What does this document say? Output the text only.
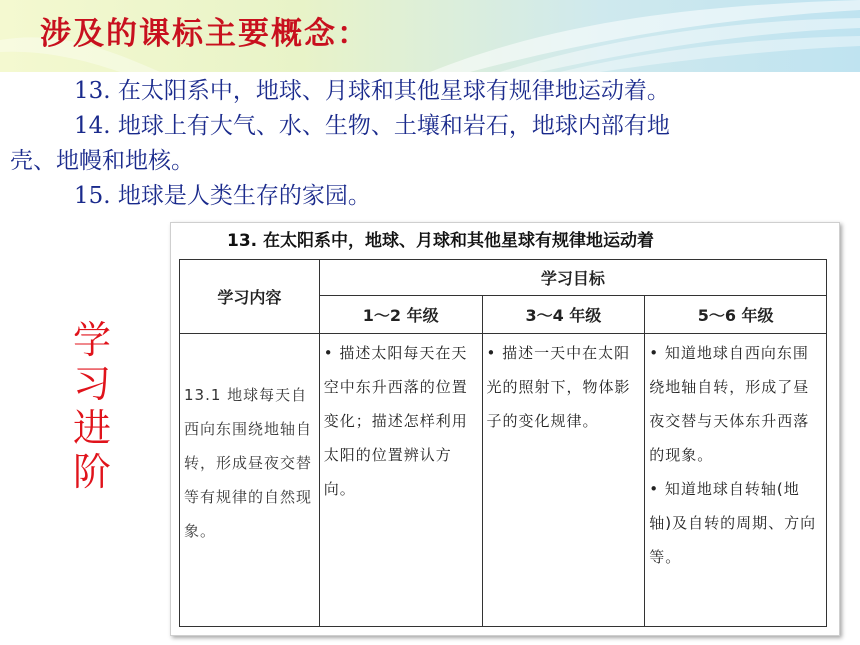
涉及的课标主要概念：
13. 在太阳系中，地球、月球和其他星球有规律地运动着。
14. 地球上有大气、水、生物、土壤和岩石，地球内部有地
壳、地幔和地核。
15. 地球是人类生存的家园。
学
习
进
阶
13. 在太阳系中，地球、月球和其他星球有规律地运动着
学习内容	学习目标		
	1～2 年级	3～4 年级	5～6 年级

13.1 地球每天自西向东围绕地轴自转，形成昼夜交替等有规律的自然现象。	• 描述太阳每天在天空中东升西落的位置变化；描述怎样利用太阳的位置辨认方向。	• 描述一天中在太阳光的照射下，物体影子的变化规律。	• 知道地球自西向东围绕地轴自转，形成了昼夜交替与天体东升西落的现象。
• 知道地球自转轴(地轴)及自转的周期、方向等。
